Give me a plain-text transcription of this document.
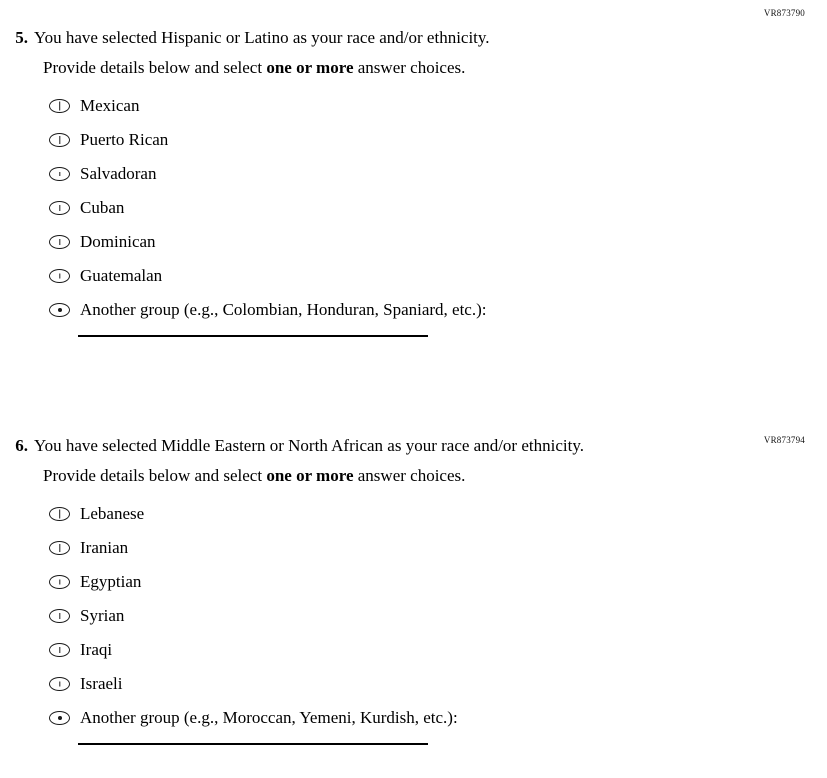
VR873790
5. You have selected Hispanic or Latino as your race and/or ethnicity.
Provide details below and select one or more answer choices.
Mexican
Puerto Rican
Salvadoran
Cuban
Dominican
Guatemalan
Another group (e.g., Colombian, Honduran, Spaniard, etc.):
VR873794
6. You have selected Middle Eastern or North African as your race and/or ethnicity.
Provide details below and select one or more answer choices.
Lebanese
Iranian
Egyptian
Syrian
Iraqi
Israeli
Another group (e.g., Moroccan, Yemeni, Kurdish, etc.):
